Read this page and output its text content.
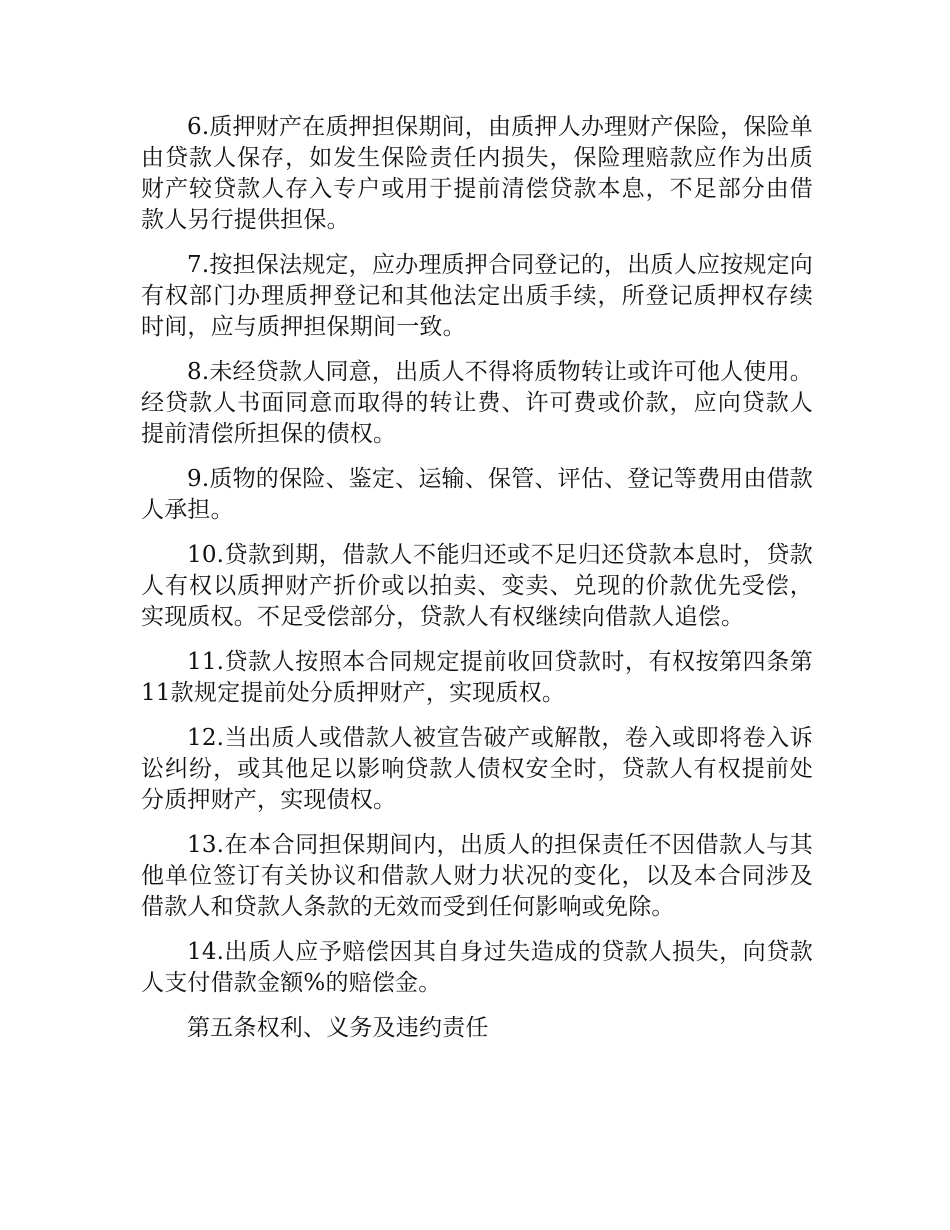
6.质押财产在质押担保期间，由质押人办理财产保险，保险单由贷款人保存，如发生保险责任内损失，保险理赔款应作为出质财产较贷款人存入专户或用于提前清偿贷款本息，不足部分由借款人另行提供担保。

7.按担保法规定，应办理质押合同登记的，出质人应按规定向有权部门办理质押登记和其他法定出质手续，所登记质押权存续时间，应与质押担保期间一致。

8.未经贷款人同意，出质人不得将质物转让或许可他人使用。经贷款人书面同意而取得的转让费、许可费或价款，应向贷款人提前清偿所担保的债权。

9.质物的保险、鉴定、运输、保管、评估、登记等费用由借款人承担。

10.贷款到期，借款人不能归还或不足归还贷款本息时，贷款人有权以质押财产折价或以拍卖、变卖、兑现的价款优先受偿，实现质权。不足受偿部分，贷款人有权继续向借款人追偿。

11.贷款人按照本合同规定提前收回贷款时，有权按第四条第11款规定提前处分质押财产，实现质权。

12.当出质人或借款人被宣告破产或解散，卷入或即将卷入诉讼纠纷，或其他足以影响贷款人债权安全时，贷款人有权提前处分质押财产，实现债权。

13.在本合同担保期间内，出质人的担保责任不因借款人与其他单位签订有关协议和借款人财力状况的变化，以及本合同涉及借款人和贷款人条款的无效而受到任何影响或免除。

14.出质人应予赔偿因其自身过失造成的贷款人损失，向贷款人支付借款金额%的赔偿金。

第五条权利、义务及违约责任
